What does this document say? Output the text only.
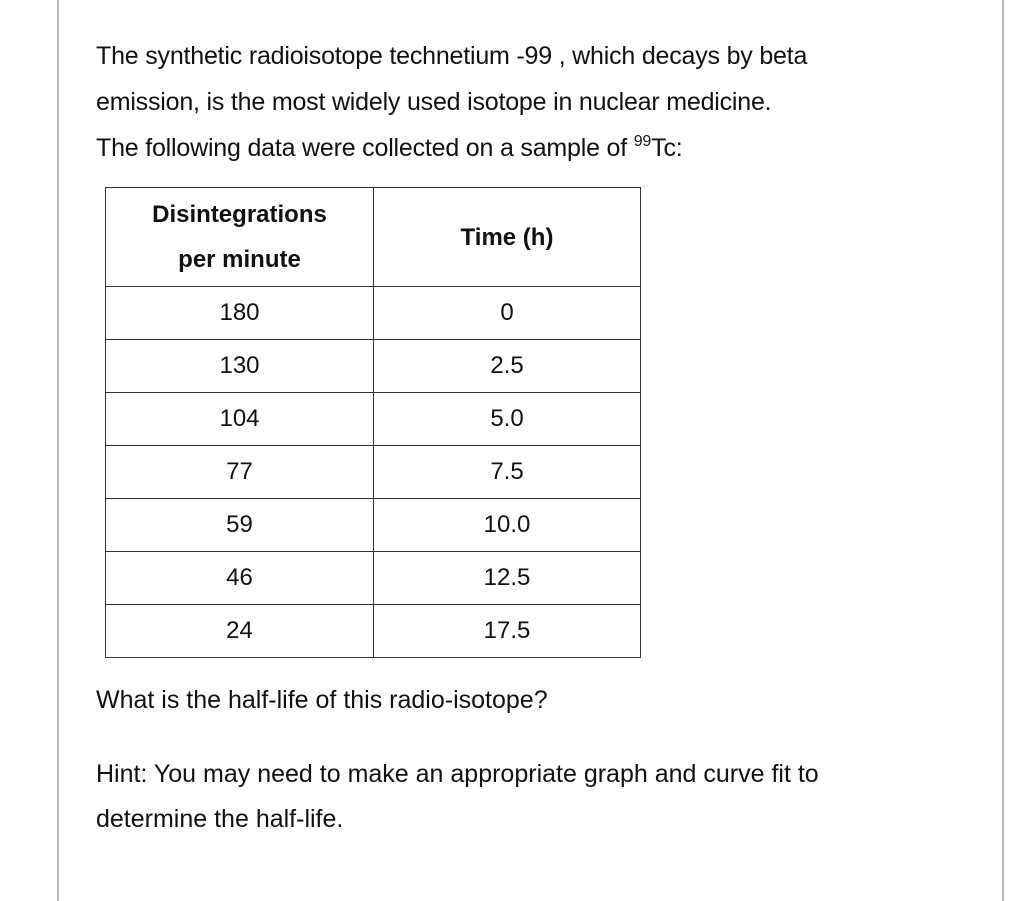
The synthetic radioisotope technetium -99 , which decays by beta

emission, is the most widely used isotope in nuclear medicine.

The following data were collected on a sample of $^{99}$Tc:

Disintegrations
per minute	Time (h)
180	0
130	2.5
104	5.0
77	7.5
59	10.0
46	12.5
24	17.5
What is the half-life of this radio-isotope?
Hint: You may need to make an appropriate graph and curve fit to
determine the half-life.
